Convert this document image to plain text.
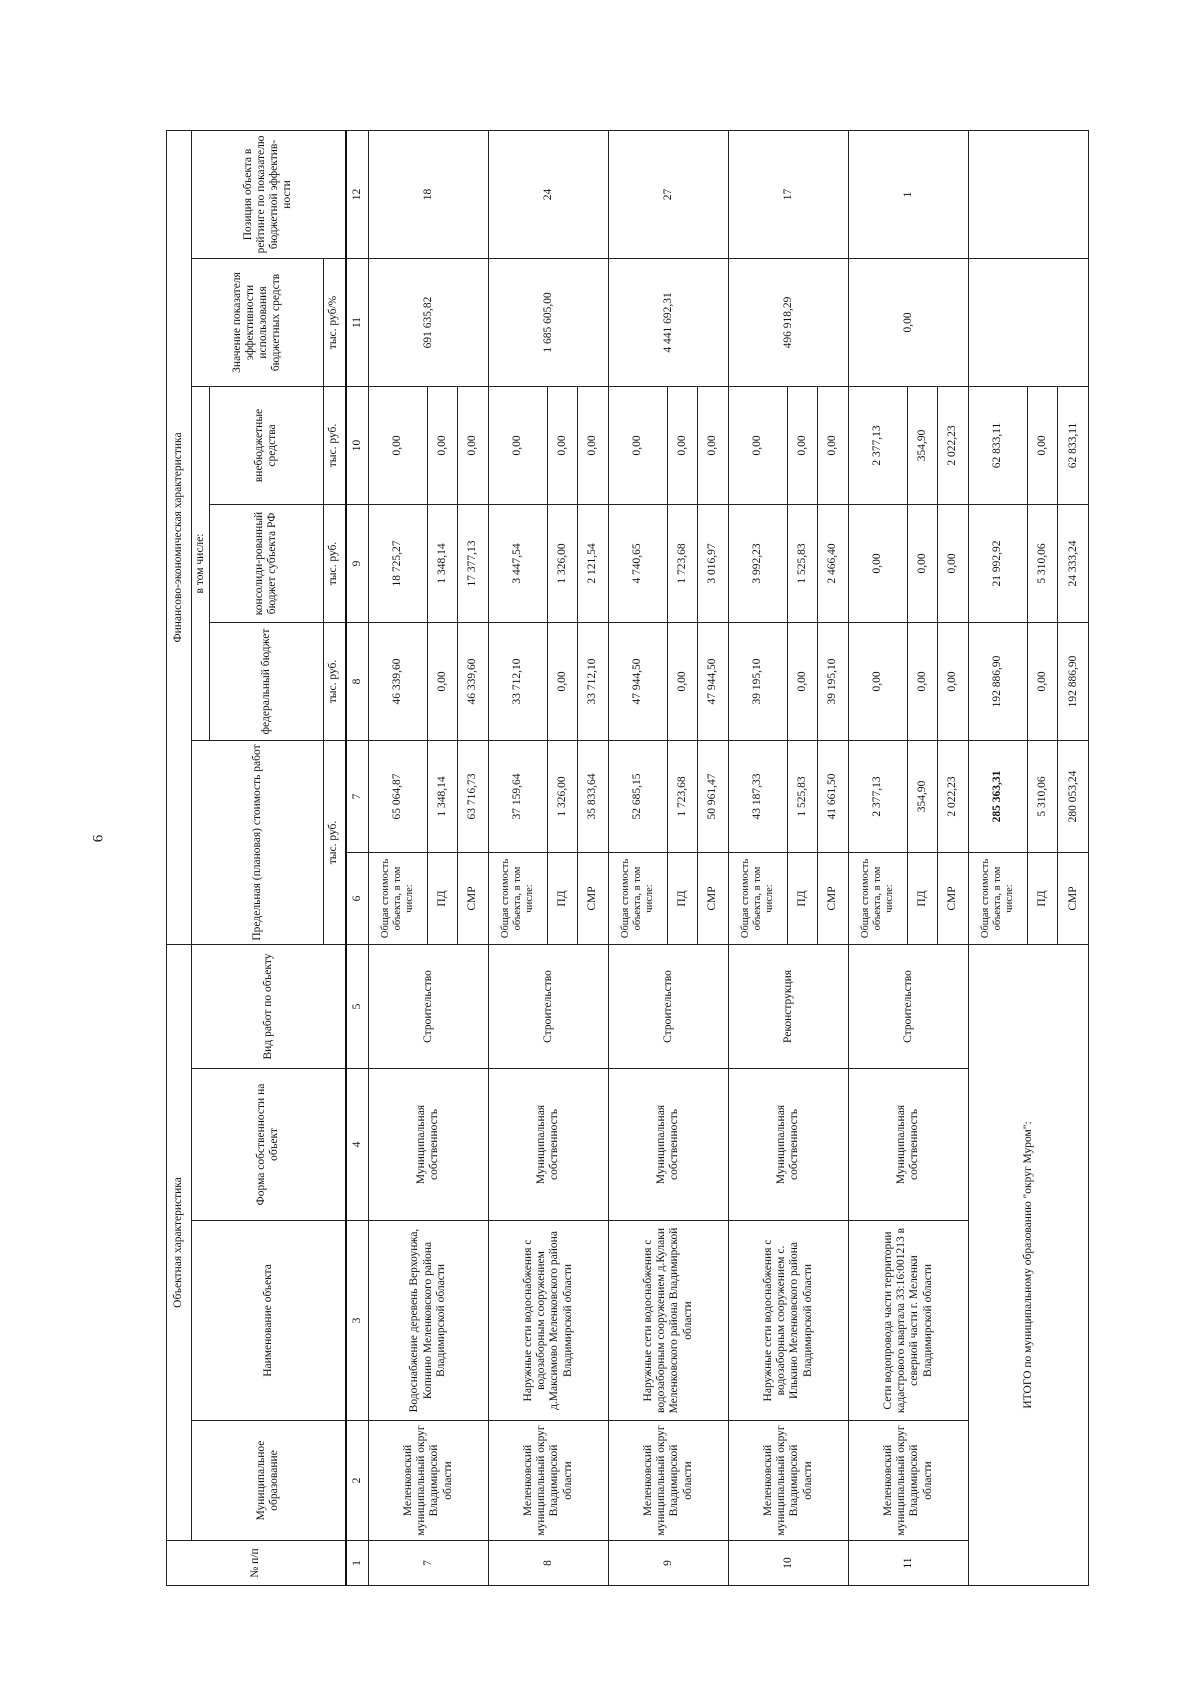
6
№ п/п	Объектная характеристика				Финансово-экономическая характеристика						
	Муниципальное образование	Наименование объекта	Форма собственности на объект	Вид работ по объекту	Предельная (плановая) стоимость работ		в том числе:			Значение показателя эффективности использования бюджетных средств	Позиция объекта в рейтинге по показателю бюджетной эффектив-ности
							федеральный бюджет	консолиди-рованный бюджет субъекта РФ	внебюджетные средства		
					тыс. руб.		тыс. руб.	тыс. руб.	тыс. руб.	тыс. руб/%	
1	2	3	4	5	6	7	8	9	10	11	12
7	Меленковский муниципальный округ Владимирской области	Водоснабжение деревень Верхоунжа, Копнино Меленковского района Владимирской области	Муниципальная собственность	Строительство	Общая стоимость объекта, в том числе:	65 064,87	46 339,60	18 725,27	0,00	691 635,82	18
					ПД	1 348,14	0,00	1 348,14	0,00		
					СМР	63 716,73	46 339,60	17 377,13	0,00		
8	Меленковский муниципальный округ Владимирской области	Наружные сети водоснабжения с водозаборным сооружением д.Максимово Меленковского района Владимирской области	Муниципальная собственность	Строительство	Общая стоимость объекта, в том числе:	37 159,64	33 712,10	3 447,54	0,00	1 685 605,00	24
					ПД	1 326,00	0,00	1 326,00	0,00		
					СМР	35 833,64	33 712,10	2 121,54	0,00		
9	Меленковский муниципальный округ Владимирской области	Наружные сети водоснабжения с водозаборным сооружением д.Кулаки Меленковского района Владимирской области	Муниципальная собственность	Строительство	Общая стоимость объекта, в том числе:	52 685,15	47 944,50	4 740,65	0,00	4 441 692,31	27
					ПД	1 723,68	0,00	1 723,68	0,00		
					СМР	50 961,47	47 944,50	3 016,97	0,00		
10	Меленковский муниципальный округ Владимирской области	Наружные сети водоснабжения с водозаборным сооружением с. Илькино Меленковского района Владимирской области	Муниципальная собственность	Реконструкция	Общая стоимость объекта, в том числе:	43 187,33	39 195,10	3 992,23	0,00	496 918,29	17
					ПД	1 525,83	0,00	1 525,83	0,00		
					СМР	41 661,50	39 195,10	2 466,40	0,00		
11	Меленковский муниципальный округ Владимирской области	Сети водопровода части территории кадастрового квартала 33:16:001213 в северной части г. Меленки Владимирской области	Муниципальная собственность	Строительство	Общая стоимость объекта, в том числе:	2 377,13	0,00	0,00	2 377,13	0,00	1
					ПД	354,90	0,00	0,00	354,90		
					СМР	2 022,23	0,00	0,00	2 022,23		
ИТОГО по муниципальному образованию "округ Муром":					Общая стоимость объекта, в том числе:	285 363,31	192 886,90	21 992,92	62 833,11		
					ПД	5 310,06	0,00	5 310,06	0,00		
					СМР	280 053,24	192 886,90	24 333,24	62 833,11		
